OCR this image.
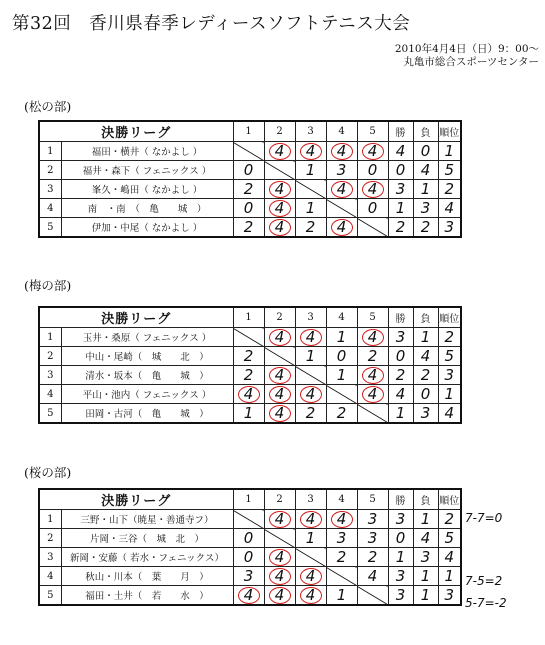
第32回　香川県春季レディースソフトテニス大会
2010年4月4日（日）9：00～
丸亀市総合スポーツセンター
(松の部)
決勝リーグ		1	2	3	4	5	勝	負	順位
1	福田・横井（ なかよし ）		4	4	4	4	4	0	1
2	福井・森下（ フェニックス ）	0		1	3	0	0	4	5
3	峯久・嶋田（ なかよし ）	2	4		4	4	3	1	2
4	南　・南　（　亀　　城　）	0	4	1		0	1	3	4
5	伊加・中尾（ なかよし ）	2	4	2	4		2	2	3
(梅の部)
決勝リーグ		1	2	3	4	5	勝	負	順位
1	玉井・桑原（ フェニックス ）		4	4	1	4	3	1	2
2	中山・尾崎（　城　　北　）	2		1	0	2	0	4	5
3	清水・坂本（　亀　　城　）	2	4		1	4	2	2	3
4	平山・池内（ フェニックス ）	4	4	4		4	4	0	1
5	田岡・古河（　亀　　城　）	1	4	2	2		1	3	4
(桜の部)
決勝リーグ		1	2	3	4	5	勝	負	順位
1	三野・山下（暁星・善通寺フ）		4	4	4	3	3	1	2
2	片岡・三谷（　城　北　）	0		1	3	3	0	4	5
3	新岡・安藤（ 若水・フェニックス）	0	4		2	2	1	3	4
4	秋山・川本（　葉　　月　）	3	4	4		4	3	1	1
5	福田・土井（　若　　水　）	4	4	4	1		3	1	3
7-7=0
7-5=2
5-7=-2
